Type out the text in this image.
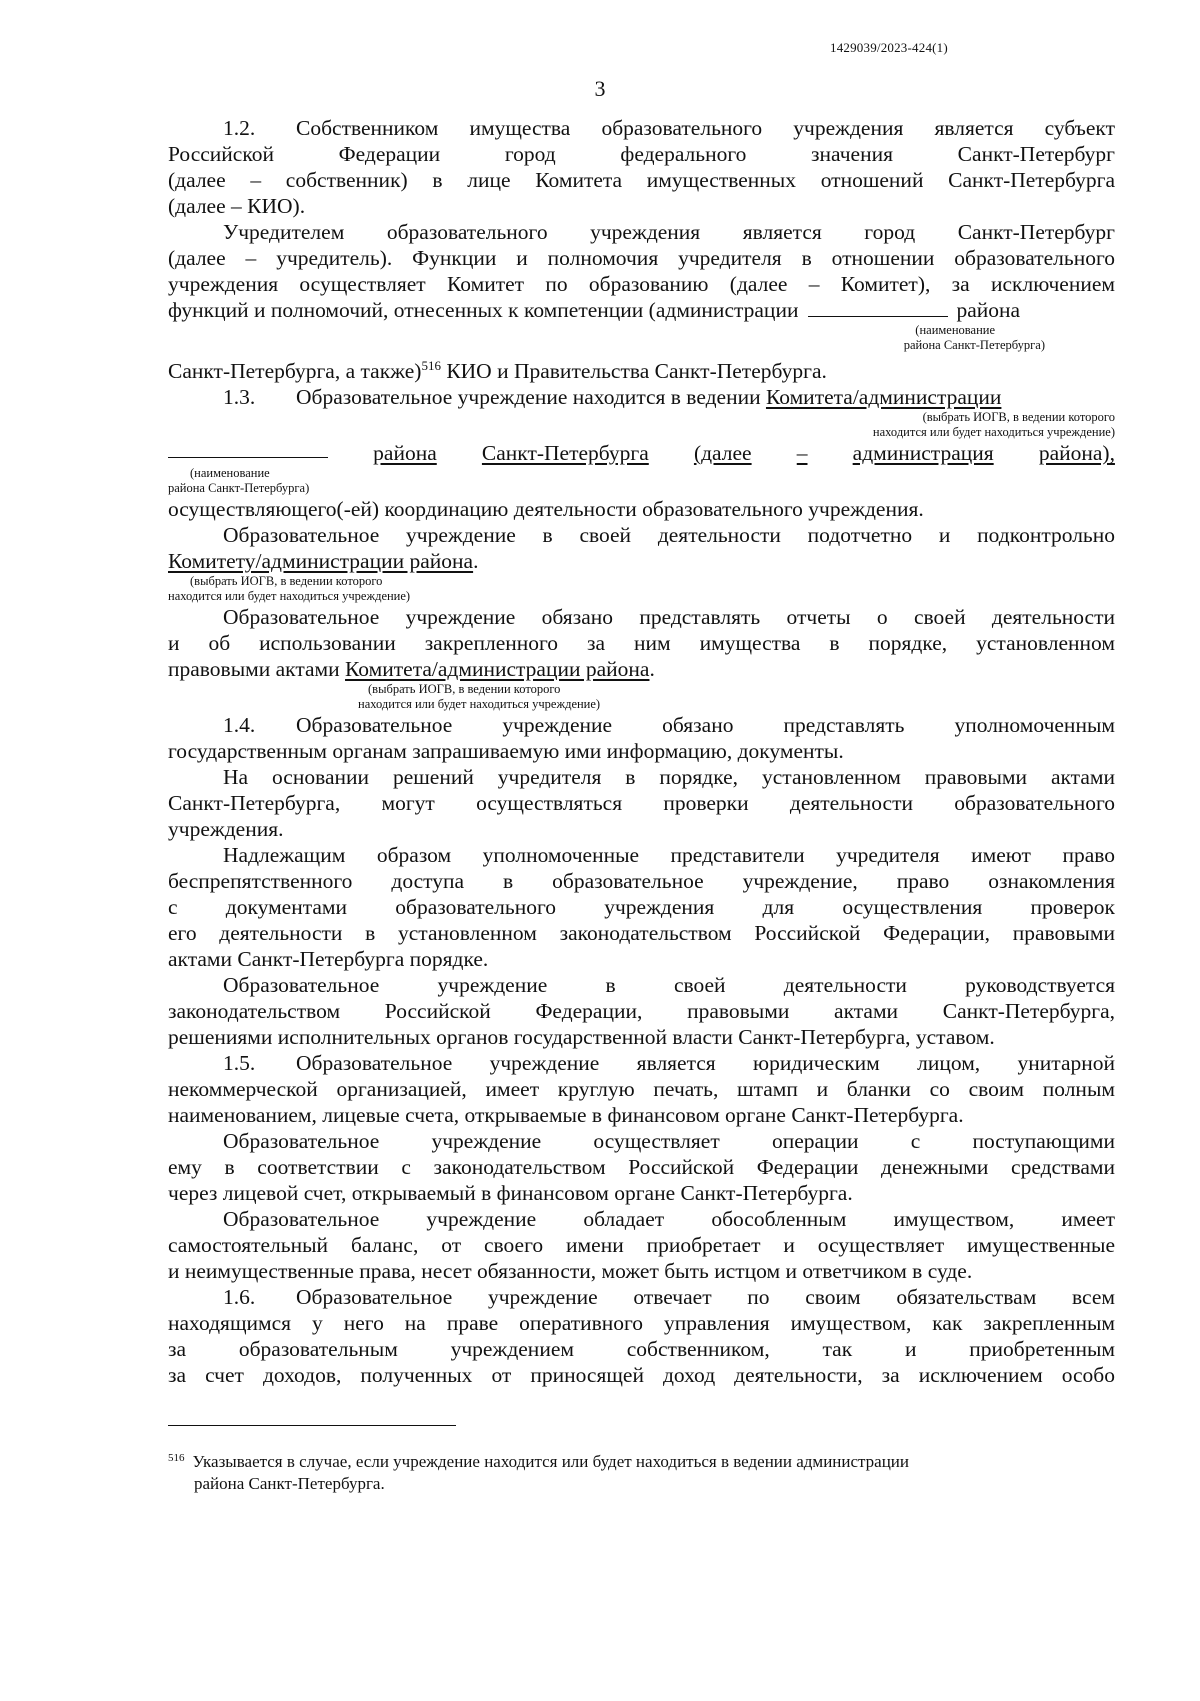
1429039/2023-424(1)
3

1.2. Собственником имущества образовательного учреждения является субъект

Российской Федерации город федерального значения Санкт-Петербург

(далее – собственник) в лице Комитета имущественных отношений Санкт-Петербурга

(далее – КИО).

Учредителем образовательного учреждения является город Санкт-Петербург

(далее – учредитель). Функции и полномочия учредителя в отношении образовательного

учреждения осуществляет Комитет по образованию (далее – Комитет), за исключением

функций и полномочий, отнесенных к компетенции (администрации	района

(наименование

района Санкт-Петербурга)

Санкт-Петербурга, а также)$^{516}$ КИО и Правительства Санкт-Петербурга.

1.3. Образовательное учреждение находится в ведении Комитета/администрации

(выбрать ИОГВ, в ведении которого

находится или будет находиться учреждение)

района Санкт-Петербурга (далее – администрация района),

(наименование

района Санкт-Петербурга)

осуществляющего(-ей) координацию деятельности образовательного учреждения.

Образовательное учреждение в своей деятельности подотчетно и подконтрольно

Комитету/администрации района.

(выбрать ИОГВ, в ведении которого

находится или будет находиться учреждение)

Образовательное учреждение обязано представлять отчеты о своей деятельности

и об использовании закрепленного за ним имущества в порядке, установленном

правовыми актами Комитета/администрации района.

(выбрать ИОГВ, в ведении которого

находится или будет находиться учреждение)

1.4. Образовательное учреждение обязано представлять уполномоченным

государственным органам запрашиваемую ими информацию, документы.

На основании решений учредителя в порядке, установленном правовыми актами

Санкт-Петербурга, могут осуществляться проверки деятельности образовательного

учреждения.

Надлежащим образом уполномоченные представители учредителя имеют право

беспрепятственного доступа в образовательное учреждение, право ознакомления

с документами образовательного учреждения для осуществления проверок

его деятельности в установленном законодательством Российской Федерации, правовыми

актами Санкт-Петербурга порядке.

Образовательное учреждение в своей деятельности руководствуется

законодательством Российской Федерации, правовыми актами Санкт-Петербурга,

решениями исполнительных органов государственной власти Санкт-Петербурга, уставом.

1.5. Образовательное учреждение является юридическим лицом, унитарной

некоммерческой организацией, имеет круглую печать, штамп и бланки со своим полным

наименованием, лицевые счета, открываемые в финансовом органе Санкт-Петербурга.

Образовательное учреждение осуществляет операции с поступающими

ему в соответствии с законодательством Российской Федерации денежными средствами

через лицевой счет, открываемый в финансовом органе Санкт-Петербурга.

Образовательное учреждение обладает обособленным имуществом, имеет

самостоятельный баланс, от своего имени приобретает и осуществляет имущественные

и неимущественные права, несет обязанности, может быть истцом и ответчиком в суде.

1.6. Образовательное учреждение отвечает по своим обязательствам всем

находящимся у него на праве оперативного управления имуществом, как закрепленным

за образовательным учреждением собственником, так и приобретенным

за счет доходов, полученных от приносящей доход деятельности, за исключением особо

$^{516}$ Указывается в случае, если учреждение находится или будет находиться в ведении администрации
района Санкт-Петербурга.
